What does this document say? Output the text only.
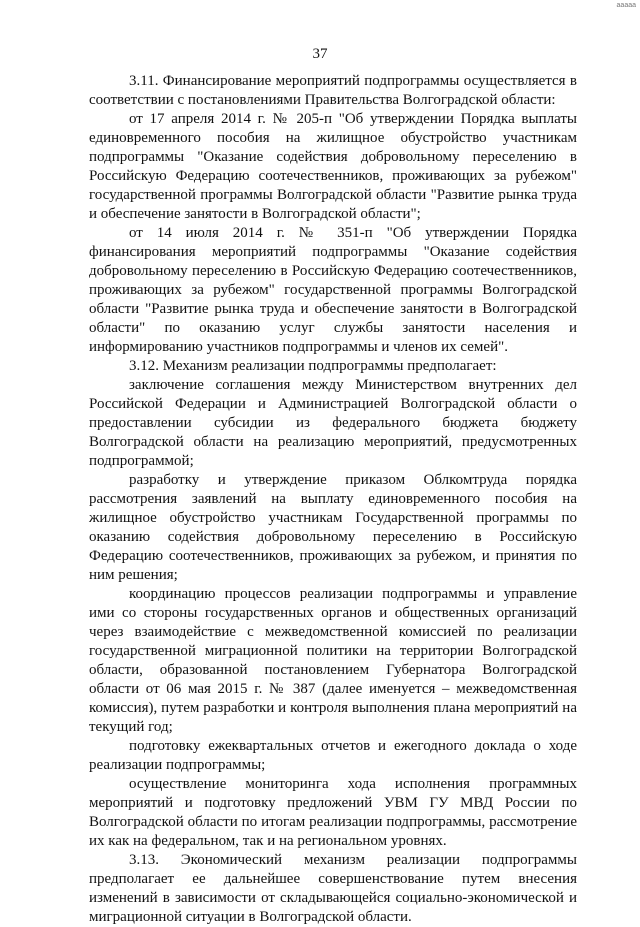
ааааа
37

3.11. Финансирование мероприятий подпрограммы осуществляется в соответствии с постановлениями Правительства Волгоградской области:

от 17 апреля 2014 г. № 205-п "Об утверждении Порядка выплаты единовременного пособия на жилищное обустройство участникам подпрограммы "Оказание содействия добровольному переселению в Российскую Федерацию соотечественников, проживающих за рубежом" государственной программы Волгоградской области "Развитие рынка труда и обеспечение занятости в Волгоградской области";

от 14 июля 2014 г. № 351-п "Об утверждении Порядка финансирования мероприятий подпрограммы "Оказание содействия добровольному переселению в Российскую Федерацию соотечественников, проживающих за рубежом" государственной программы Волгоградской области "Развитие рынка труда и обеспечение занятости в Волгоградской области" по оказанию услуг службы занятости населения и информированию участников подпрограммы и членов их семей".

3.12. Механизм реализации подпрограммы предполагает:

заключение соглашения между Министерством внутренних дел Российской Федерации и Администрацией Волгоградской области о предоставлении субсидии из федерального бюджета бюджету Волгоградской области на реализацию мероприятий, предусмотренных подпрограммой;

разработку и утверждение приказом Облкомтруда порядка рассмотрения заявлений на выплату единовременного пособия на жилищное обустройство участникам Государственной программы по оказанию содействия добровольному переселению в Российскую Федерацию соотечественников, проживающих за рубежом, и принятия по ним решения;

координацию процессов реализации подпрограммы и управление ими со стороны государственных органов и общественных организаций через взаимодействие с межведомственной комиссией по реализации государственной миграционной политики на территории Волгоградской области, образованной постановлением Губернатора Волгоградской области от 06 мая 2015 г. № 387 (далее именуется – межведомственная комиссия), путем разработки и контроля выполнения плана мероприятий на текущий год;

подготовку ежеквартальных отчетов и ежегодного доклада о ходе реализации подпрограммы;

осуществление мониторинга хода исполнения программных мероприятий и подготовку предложений УВМ ГУ МВД России по Волгоградской области по итогам реализации подпрограммы, рассмотрение их как на федеральном, так и на региональном уровнях.

3.13. Экономический механизм реализации подпрограммы предполагает ее дальнейшее совершенствование путем внесения изменений в зависимости от складывающейся социально-экономической и миграционной ситуации в Волгоградской области.
